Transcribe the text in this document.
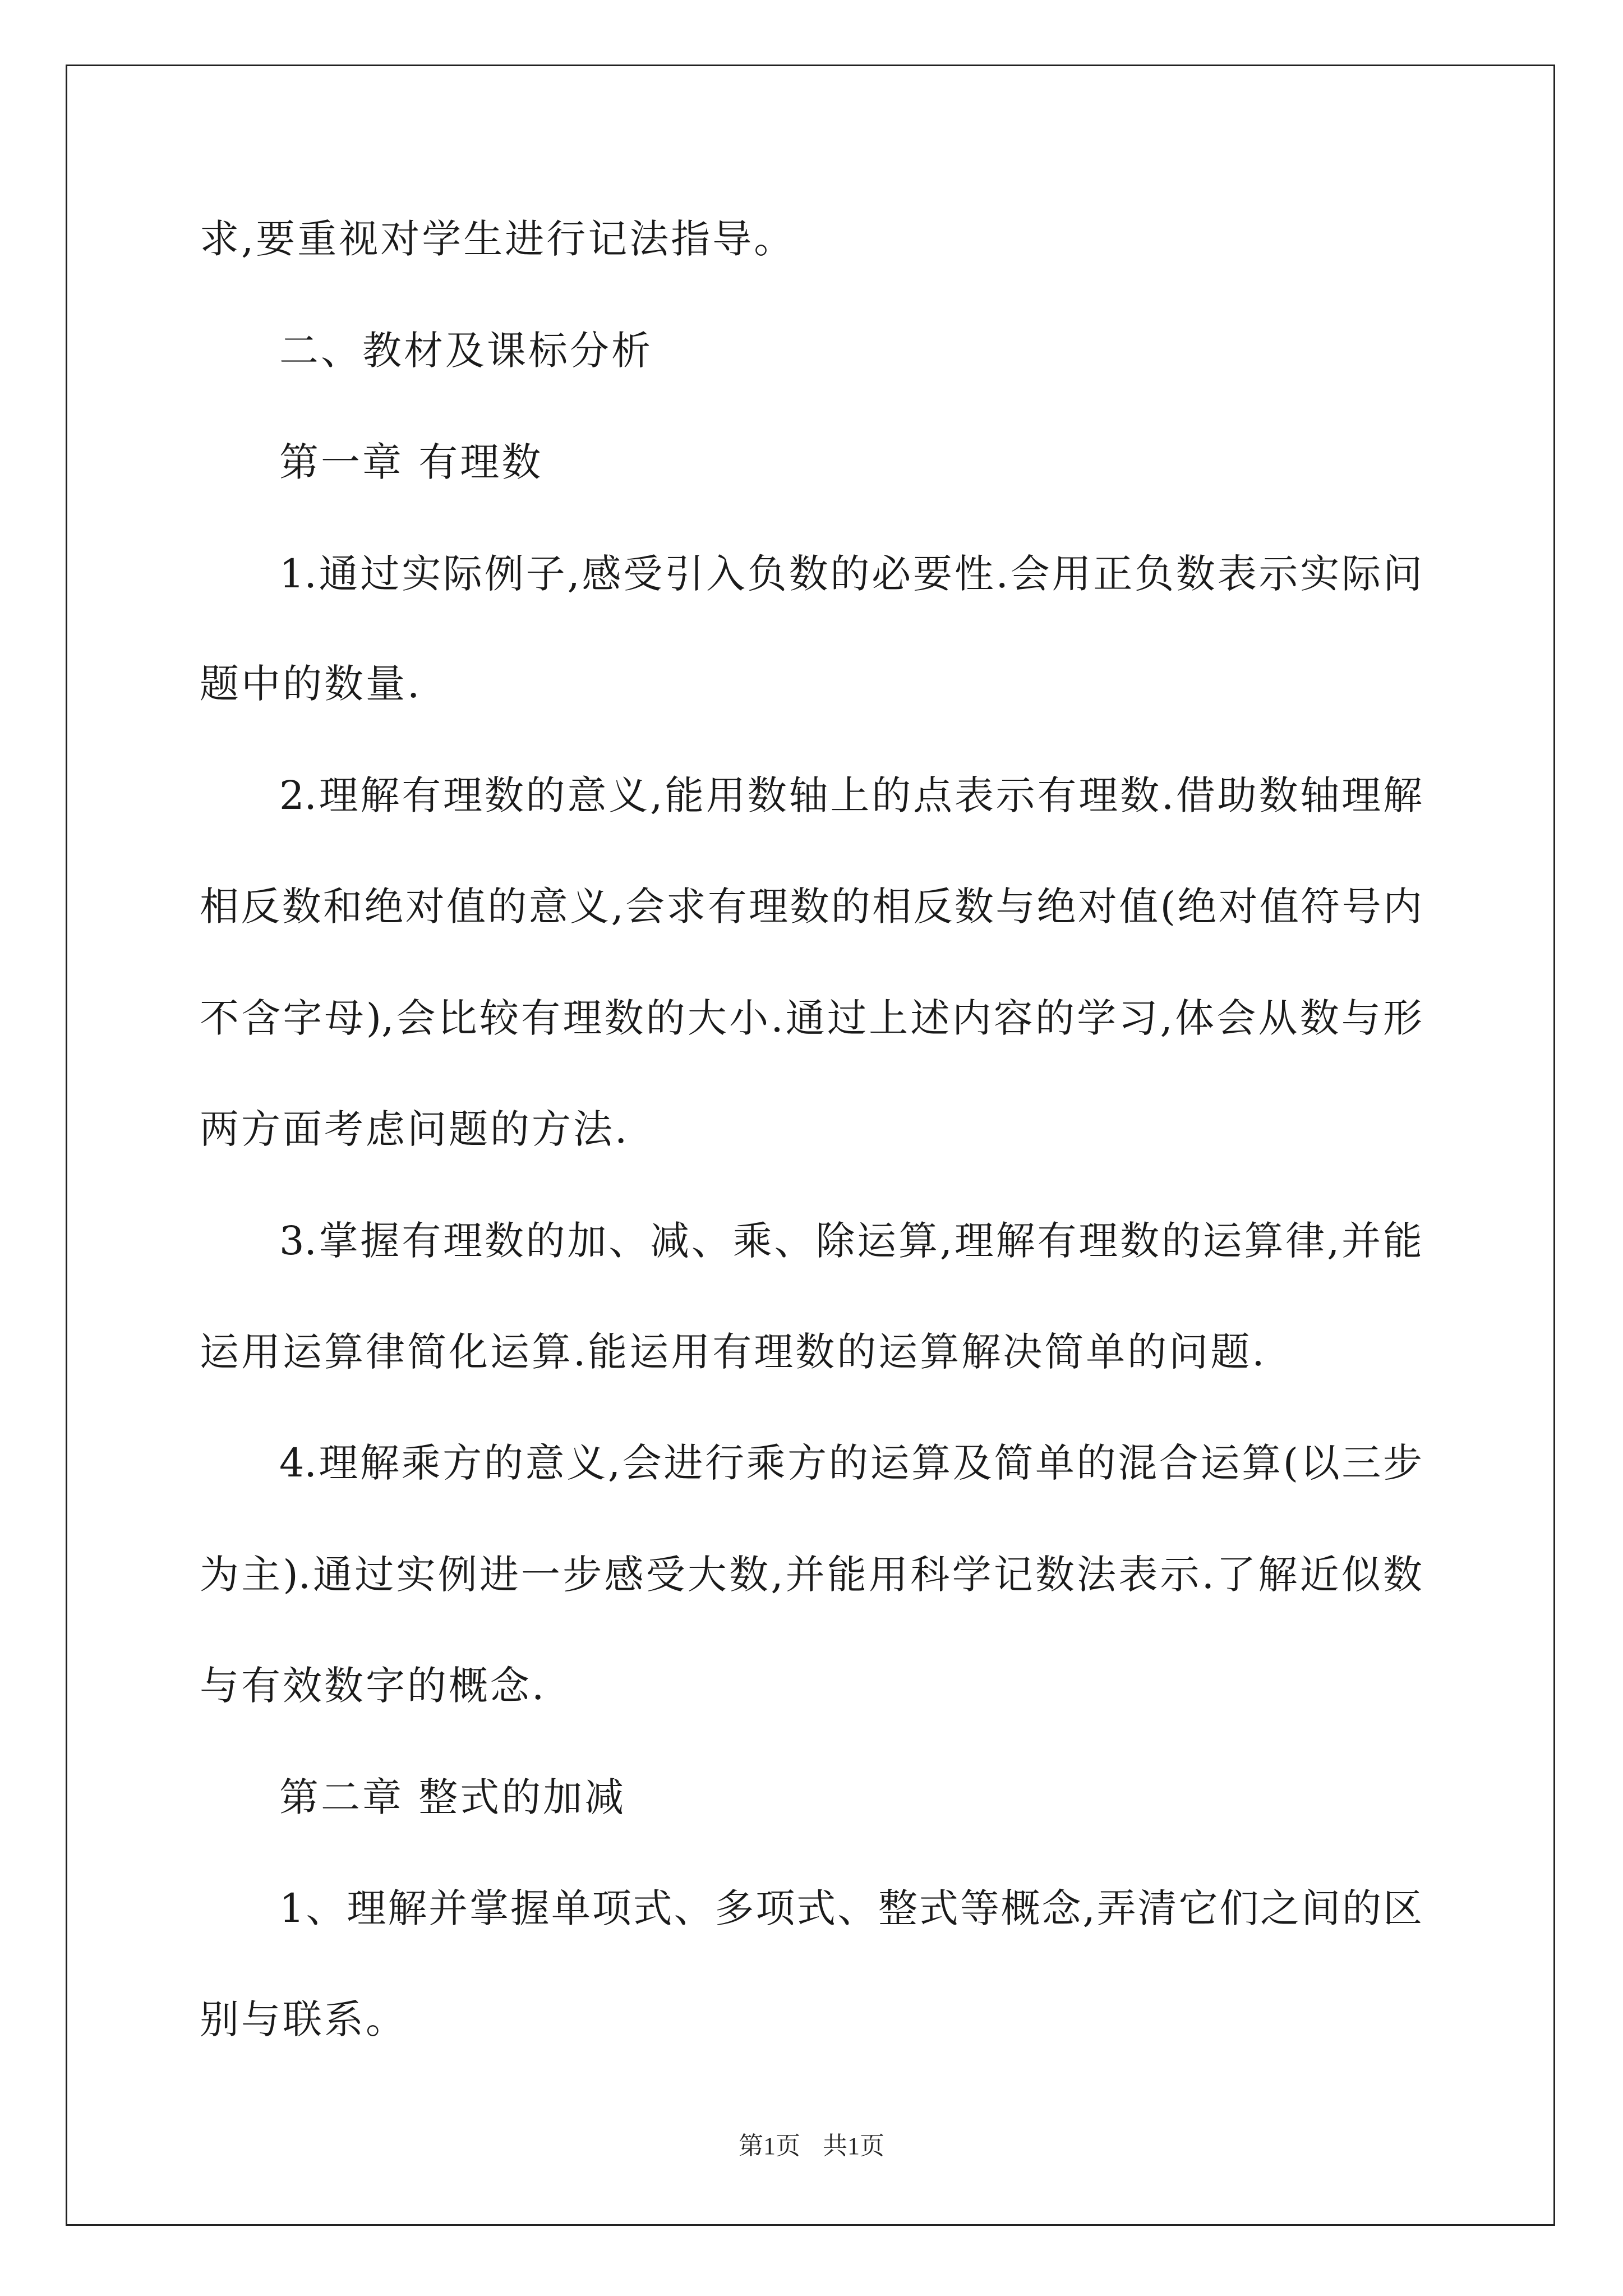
求,要重视对学生进行记法指导。
二、教材及课标分析
第一章 有理数
1.通过实际例子,感受引入负数的必要性.会用正负数表示实际问
题中的数量.
2.理解有理数的意义,能用数轴上的点表示有理数.借助数轴理解
相反数和绝对值的意义,会求有理数的相反数与绝对值(绝对值符号内
不含字母),会比较有理数的大小.通过上述内容的学习,体会从数与形
两方面考虑问题的方法.
3.掌握有理数的加、减、乘、除运算,理解有理数的运算律,并能
运用运算律简化运算.能运用有理数的运算解决简单的问题.
4.理解乘方的意义,会进行乘方的运算及简单的混合运算(以三步
为主).通过实例进一步感受大数,并能用科学记数法表示.了解近似数
与有效数字的概念.
第二章 整式的加减
1、理解并掌握单项式、多项式、整式等概念,弄清它们之间的区
别与联系。
第1页 共1页
